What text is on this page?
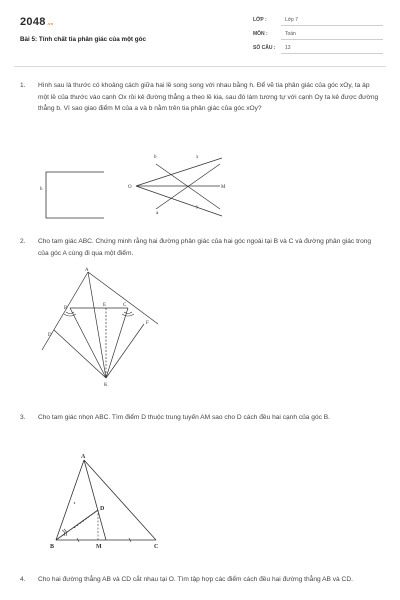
2048.vn
Bài 5: Tính chất tia phân giác của một góc
LỚP :	Lớp 7
MÔN :	Toán
SỐ CÂU : 13
1. Hình sau là thước có khoảng cách giữa hai lề song song với nhau bằng h. Để vẽ tia phân giác của góc xOy, ta áp một lề của thước vào cạnh Ox rồi kẻ đường thẳng a theo lề kia, sau đó làm tương tự với cạnh Oy ta kẻ được đường thẳng b. Vì sao giao điểm M của a và b nằm trên tia phân giác của góc xOy?
h
b	x
O	M
a
y
2. Cho tam giác ABC. Chứng minh rằng hai đường phân giác của hai góc ngoài tại B và C và đường phân giác trong của góc A cùng đi qua một điểm.
A
B
E	C
F
D
K
3. Cho tam giác nhọn ABC. Tìm điểm D thuộc trung tuyến AM sao cho D cách đều hai cạnh của góc B.
A
D
B	M	C
4. Cho hai đường thẳng AB và CD cắt nhau tại O. Tìm tập hợp các điểm cách đều hai đường thẳng AB và CD.
